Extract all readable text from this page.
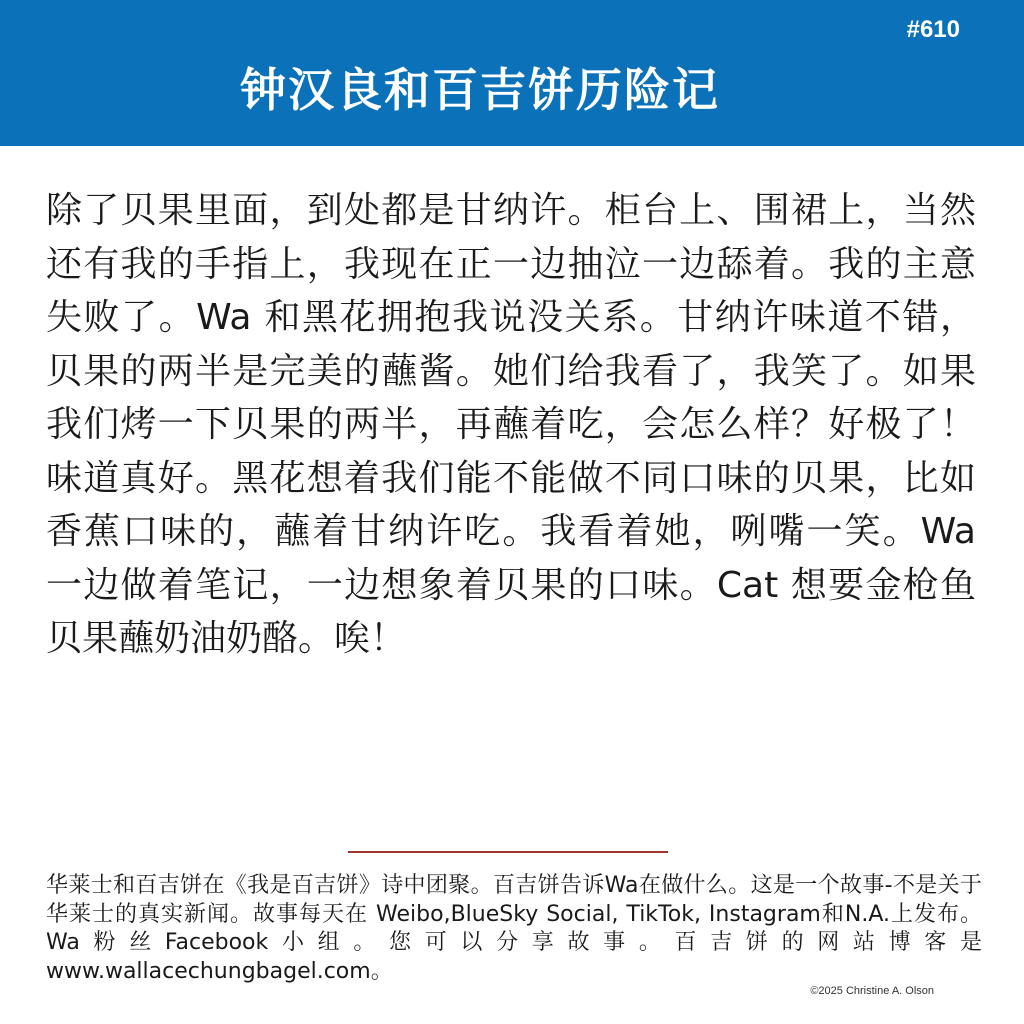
#610
钟汉良和百吉饼历险记
除了贝果里面，到处都是甘纳许。柜台上、围裙上，当然还有我的手指上，我现在正一边抽泣一边舔着。我的主意失败了。Wa 和黑花拥抱我说没关系。甘纳许味道不错，贝果的两半是完美的蘸酱。她们给我看了，我笑了。如果我们烤一下贝果的两半，再蘸着吃，会怎么样？好极了！味道真好。黑花想着我们能不能做不同口味的贝果，比如香蕉口味的，蘸着甘纳许吃。我看着她，咧嘴一笑。Wa 一边做着笔记，一边想象着贝果的口味。Cat 想要金枪鱼贝果蘸奶油奶酪。唉！
华莱士和百吉饼在《我是百吉饼》诗中团聚。百吉饼告诉Wa在做什么。这是一个故事-不是关于华莱士的真实新闻。故事每天在 Weibo,BlueSky Social, TikTok, Instagram和N.A.上发布。Wa粉丝Facebook小组。您可以分享故事。百吉饼的网站博客是www.wallacechungbagel.com。
©2025 Christine A. Olson
